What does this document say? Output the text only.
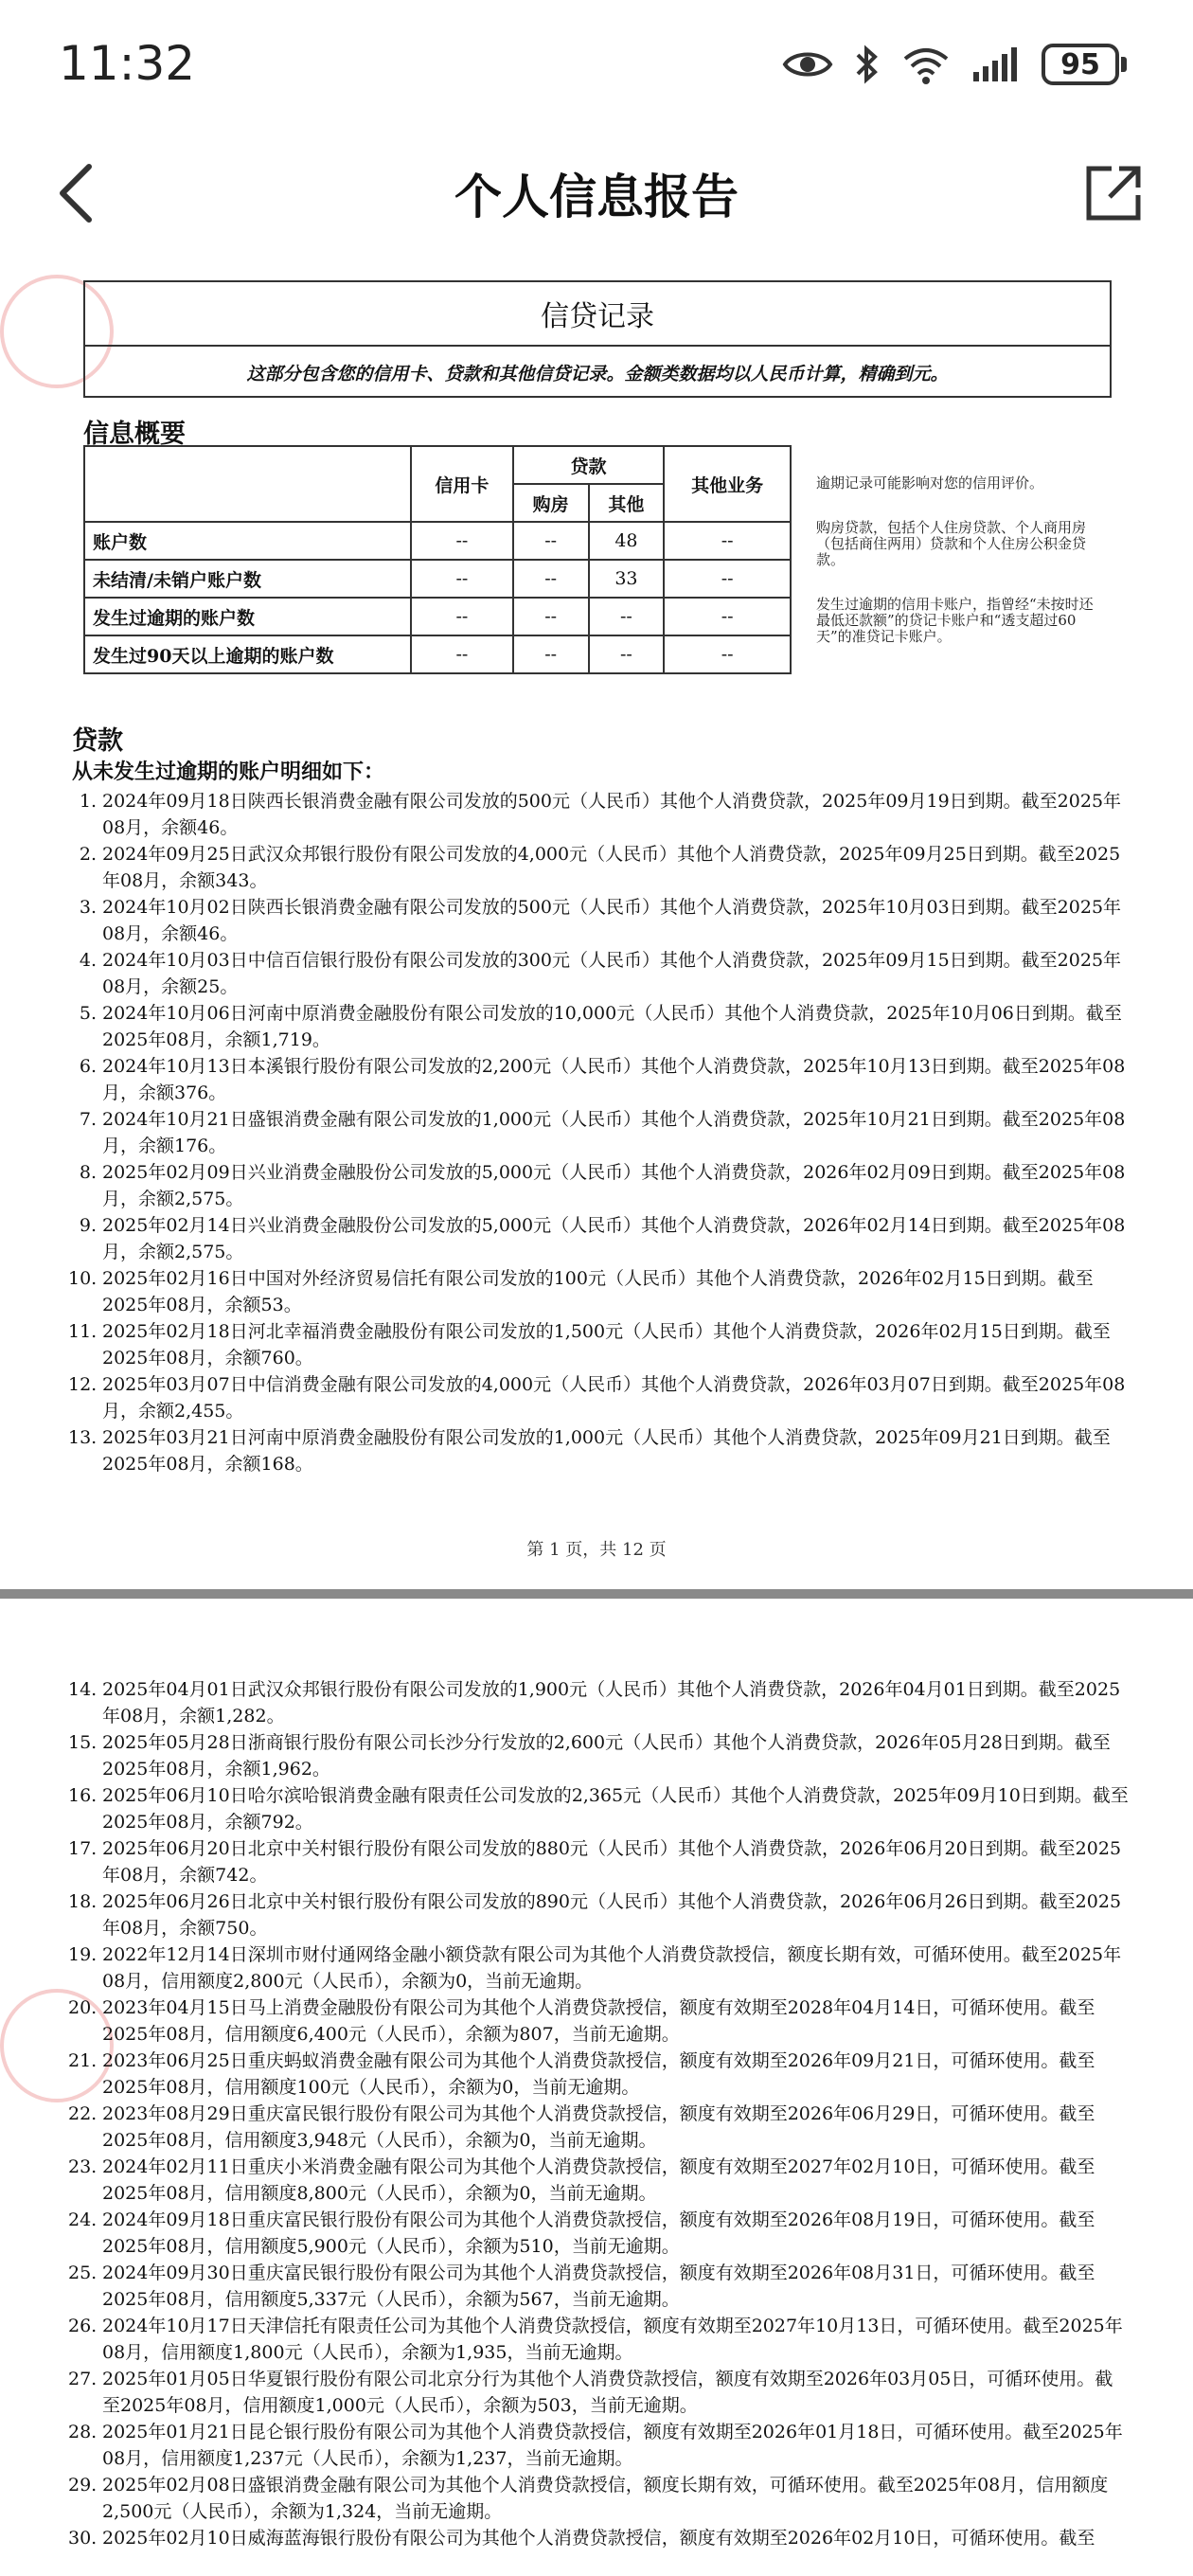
11:32	95
个人信息报告
信贷记录
这部分包含您的信用卡、贷款和其他信贷记录。金额类数据均以人民币计算，精确到元。
信息概要
	信用卡	贷款		其他业务
		购房	其他	
账户数	--	--	48	--
未结清/未销户账户数	--	--	33	--
发生过逾期的账户数	--	--	--	--
发生过90天以上逾期的账户数	--	--	--	--

逾期记录可能影响对您的信用评价。

购房贷款，包括个人住房贷款、个人商用房（包括商住两用）贷款和个人住房公积金贷款。

发生过逾期的信用卡账户，指曾经“未按时还最低还款额”的贷记卡账户和“透支超过60天”的准贷记卡账户。

贷款
从未发生过逾期的账户明细如下：
1. 2024年09月18日陕西长银消费金融有限公司发放的500元（人民币）其他个人消费贷款，2025年09月19日到期。截至2025年08月，余额46。
2. 2024年09月25日武汉众邦银行股份有限公司发放的4,000元（人民币）其他个人消费贷款，2025年09月25日到期。截至2025年08月，余额343。
3. 2024年10月02日陕西长银消费金融有限公司发放的500元（人民币）其他个人消费贷款，2025年10月03日到期。截至2025年08月，余额46。
4. 2024年10月03日中信百信银行股份有限公司发放的300元（人民币）其他个人消费贷款，2025年09月15日到期。截至2025年08月，余额25。
5. 2024年10月06日河南中原消费金融股份有限公司发放的10,000元（人民币）其他个人消费贷款，2025年10月06日到期。截至2025年08月，余额1,719。
6. 2024年10月13日本溪银行股份有限公司发放的2,200元（人民币）其他个人消费贷款，2025年10月13日到期。截至2025年08月，余额376。
7. 2024年10月21日盛银消费金融有限公司发放的1,000元（人民币）其他个人消费贷款，2025年10月21日到期。截至2025年08月，余额176。
8. 2025年02月09日兴业消费金融股份公司发放的5,000元（人民币）其他个人消费贷款，2026年02月09日到期。截至2025年08月，余额2,575。
9. 2025年02月14日兴业消费金融股份公司发放的5,000元（人民币）其他个人消费贷款，2026年02月14日到期。截至2025年08月，余额2,575。
10. 2025年02月16日中国对外经济贸易信托有限公司发放的100元（人民币）其他个人消费贷款，2026年02月15日到期。截至2025年08月，余额53。
11. 2025年02月18日河北幸福消费金融股份有限公司发放的1,500元（人民币）其他个人消费贷款，2026年02月15日到期。截至2025年08月，余额760。
12. 2025年03月07日中信消费金融有限公司发放的4,000元（人民币）其他个人消费贷款，2026年03月07日到期。截至2025年08月，余额2,455。
13. 2025年03月21日河南中原消费金融股份有限公司发放的1,000元（人民币）其他个人消费贷款，2025年09月21日到期。截至2025年08月，余额168。
第 1 页，共 12 页
14. 2025年04月01日武汉众邦银行股份有限公司发放的1,900元（人民币）其他个人消费贷款，2026年04月01日到期。截至2025年08月，余额1,282。
15. 2025年05月28日浙商银行股份有限公司长沙分行发放的2,600元（人民币）其他个人消费贷款，2026年05月28日到期。截至2025年08月，余额1,962。
16. 2025年06月10日哈尔滨哈银消费金融有限责任公司发放的2,365元（人民币）其他个人消费贷款，2025年09月10日到期。截至2025年08月，余额792。
17. 2025年06月20日北京中关村银行股份有限公司发放的880元（人民币）其他个人消费贷款，2026年06月20日到期。截至2025年08月，余额742。
18. 2025年06月26日北京中关村银行股份有限公司发放的890元（人民币）其他个人消费贷款，2026年06月26日到期。截至2025年08月，余额750。
19. 2022年12月14日深圳市财付通网络金融小额贷款有限公司为其他个人消费贷款授信，额度长期有效，可循环使用。截至2025年08月，信用额度2,800元（人民币），余额为0，当前无逾期。
20. 2023年04月15日马上消费金融股份有限公司为其他个人消费贷款授信，额度有效期至2028年04月14日，可循环使用。截至2025年08月，信用额度6,400元（人民币），余额为807，当前无逾期。
21. 2023年06月25日重庆蚂蚁消费金融有限公司为其他个人消费贷款授信，额度有效期至2026年09月21日，可循环使用。截至2025年08月，信用额度100元（人民币），余额为0，当前无逾期。
22. 2023年08月29日重庆富民银行股份有限公司为其他个人消费贷款授信，额度有效期至2026年06月29日，可循环使用。截至2025年08月，信用额度3,948元（人民币），余额为0，当前无逾期。
23. 2024年02月11日重庆小米消费金融有限公司为其他个人消费贷款授信，额度有效期至2027年02月10日，可循环使用。截至2025年08月，信用额度8,800元（人民币），余额为0，当前无逾期。
24. 2024年09月18日重庆富民银行股份有限公司为其他个人消费贷款授信，额度有效期至2026年08月19日，可循环使用。截至2025年08月，信用额度5,900元（人民币），余额为510，当前无逾期。
25. 2024年09月30日重庆富民银行股份有限公司为其他个人消费贷款授信，额度有效期至2026年08月31日，可循环使用。截至2025年08月，信用额度5,337元（人民币），余额为567，当前无逾期。
26. 2024年10月17日天津信托有限责任公司为其他个人消费贷款授信，额度有效期至2027年10月13日，可循环使用。截至2025年08月，信用额度1,800元（人民币），余额为1,935，当前无逾期。
27. 2025年01月05日华夏银行股份有限公司北京分行为其他个人消费贷款授信，额度有效期至2026年03月05日，可循环使用。截至2025年08月，信用额度1,000元（人民币），余额为503，当前无逾期。
28. 2025年01月21日昆仑银行股份有限公司为其他个人消费贷款授信，额度有效期至2026年01月18日，可循环使用。截至2025年08月，信用额度1,237元（人民币），余额为1,237，当前无逾期。
29. 2025年02月08日盛银消费金融有限公司为其他个人消费贷款授信，额度长期有效，可循环使用。截至2025年08月，信用额度2,500元（人民币），余额为1,324，当前无逾期。
30. 2025年02月10日威海蓝海银行股份有限公司为其他个人消费贷款授信，额度有效期至2026年02月10日，可循环使用。截至
